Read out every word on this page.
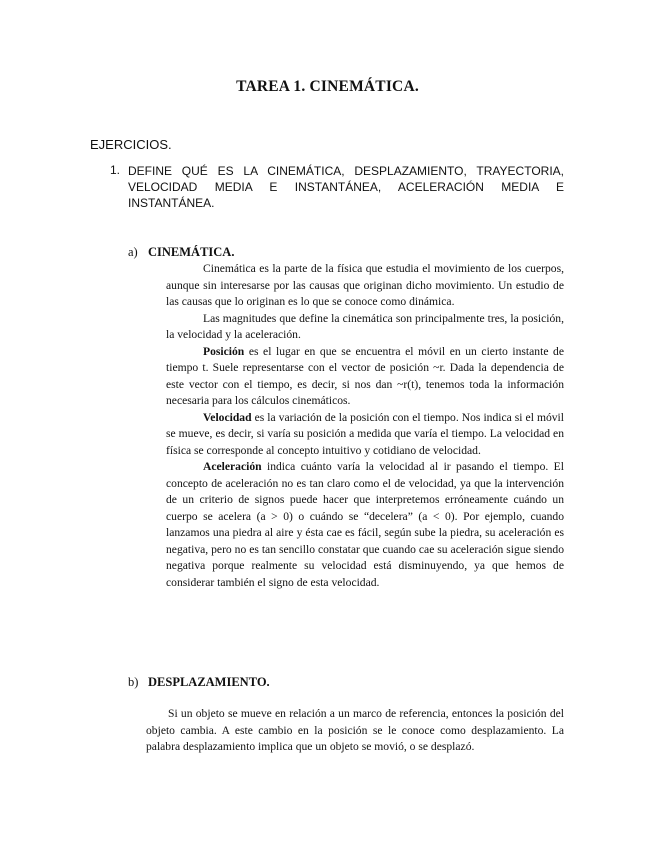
TAREA 1. CINEMÁTICA.
EJERCICIOS.
1. DEFINE QUÉ ES LA CINEMÁTICA, DESPLAZAMIENTO, TRAYECTORIA, VELOCIDAD MEDIA E INSTANTÁNEA, ACELERACIÓN MEDIA E INSTANTÁNEA.
a) CINEMÁTICA.

Cinemática es la parte de la física que estudia el movimiento de los cuerpos, aunque sin interesarse por las causas que originan dicho movimiento. Un estudio de las causas que lo originan es lo que se conoce como dinámica.

Las magnitudes que define la cinemática son principalmente tres, la posición, la velocidad y la aceleración.

Posición es el lugar en que se encuentra el móvil en un cierto instante de tiempo t. Suele representarse con el vector de posición ~r. Dada la dependencia de este vector con el tiempo, es decir, si nos dan ~r(t), tenemos toda la información necesaria para los cálculos cinemáticos.

Velocidad es la variación de la posición con el tiempo. Nos indica si el móvil se mueve, es decir, si varía su posición a medida que varía el tiempo. La velocidad en física se corresponde al concepto intuitivo y cotidiano de velocidad.

Aceleración indica cuánto varía la velocidad al ir pasando el tiempo. El concepto de aceleración no es tan claro como el de velocidad, ya que la intervención de un criterio de signos puede hacer que interpretemos erróneamente cuándo un cuerpo se acelera (a > 0) o cuándo se “decelera” (a < 0). Por ejemplo, cuando lanzamos una piedra al aire y ésta cae es fácil, según sube la piedra, su aceleración es negativa, pero no es tan sencillo constatar que cuando cae su aceleración sigue siendo negativa porque realmente su velocidad está disminuyendo, ya que hemos de considerar también el signo de esta velocidad.

b) DESPLAZAMIENTO.

Si un objeto se mueve en relación a un marco de referencia, entonces la posición del objeto cambia. A este cambio en la posición se le conoce como desplazamiento. La palabra desplazamiento implica que un objeto se movió, o se desplazó.
